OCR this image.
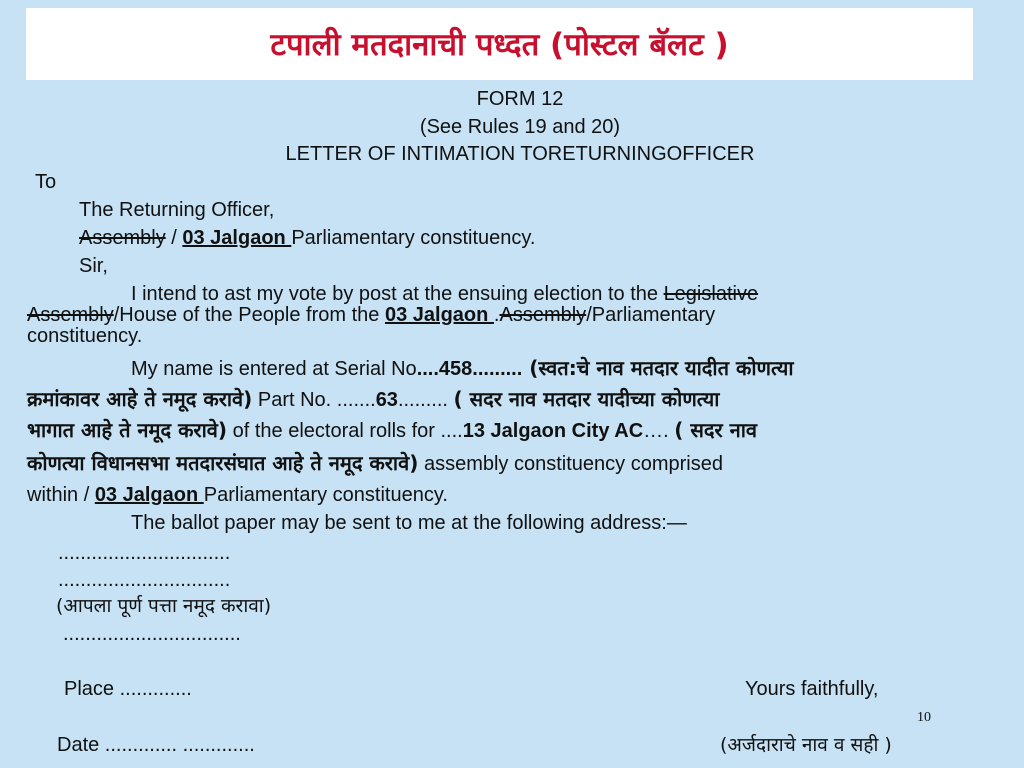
टपाली मतदानाची पध्दत (पोस्टल बॅलट )
FORM 12
(See Rules 19 and 20)
LETTER OF INTIMATION TORETURNINGOFFICER
To
The Returning Officer,
Assembly / 03 Jalgaon Parliamentary constituency.
Sir,
I intend to ast my vote by post at the ensuing election to the Legislative
Assembly/House of the People from the 03 Jalgaon .Assembly/Parliamentary
constituency.
My name is entered at Serial No....458......... (स्वत:चे नाव मतदार यादीत कोणत्या
क्रमांकावर आहे ते नमूद करावे) Part No. .......63......... ( सदर नाव मतदार यादीच्या कोणत्या
भागात आहे ते नमूद करावे) of the electoral rolls for ....13 Jalgaon City AC…. ( सदर नाव
कोणत्या विधानसभा मतदारसंघात आहे ते नमूद करावे) assembly constituency comprised
within / 03 Jalgaon Parliamentary constituency.
The ballot paper may be sent to me at the following address:—
...............................
...............................
(आपला पूर्ण पत्ता नमूद करावा)
................................
Place .............	Yours faithfully,
10
Date ............. .............	(अर्जदाराचे नाव व सही )
